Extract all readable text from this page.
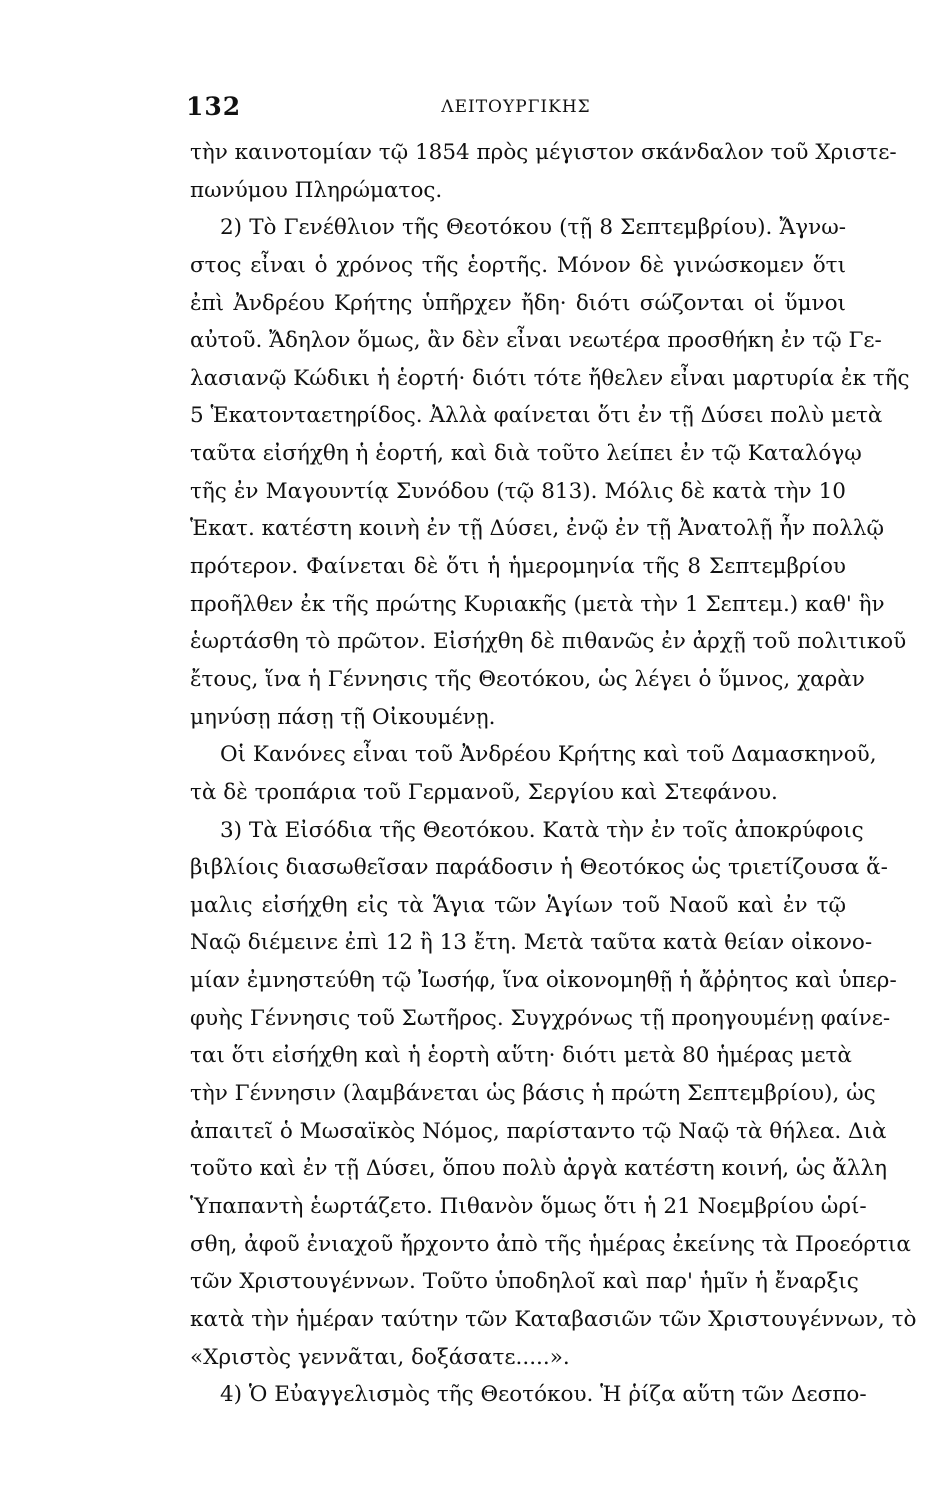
132	ΛΕΙΤΟΥΡΓΙΚΗΣ
τὴν καινοτομίαν τῷ 1854 πρὸς μέγιστον σκάνδαλον τοῦ Χριστε-
πωνύμου Πληρώματος.
2) Τὸ Γενέθλιον τῆς Θεοτόκου (τῇ 8 Σεπτεμβρίου). Ἄγνω-
στος εἶναι ὁ χρόνος τῆς ἑορτῆς. Μόνον δὲ γινώσκομεν ὅτι
ἐπὶ Ἀνδρέου Κρήτης ὑπῆρχεν ἤδη· διότι σώζονται οἱ ὕμνοι
αὐτοῦ. Ἄδηλον ὅμως, ἂν δὲν εἶναι νεωτέρα προσθήκη ἐν τῷ Γε-
λασιανῷ Κώδικι ἡ ἑορτή· διότι τότε ἤθελεν εἶναι μαρτυρία ἐκ τῆς
5 Ἑκατονταετηρίδος. Ἀλλὰ φαίνεται ὅτι ἐν τῇ Δύσει πολὺ μετὰ
ταῦτα εἰσήχθη ἡ ἑορτή, καὶ διὰ τοῦτο λείπει ἐν τῷ Καταλόγῳ
τῆς ἐν Μαγουντίᾳ Συνόδου (τῷ 813). Μόλις δὲ κατὰ τὴν 10
Ἑκατ. κατέστη κοινὴ ἐν τῇ Δύσει, ἐνῷ ἐν τῇ Ἀνατολῇ ἦν πολλῷ
πρότερον. Φαίνεται δὲ ὅτι ἡ ἡμερομηνία τῆς 8 Σεπτεμβρίου
προῆλθεν ἐκ τῆς πρώτης Κυριακῆς (μετὰ τὴν 1 Σεπτεμ.) καθ' ἣν
ἑωρτάσθη τὸ πρῶτον. Εἰσήχθη δὲ πιθανῶς ἐν ἀρχῇ τοῦ πολιτικοῦ
ἔτους, ἵνα ἡ Γέννησις τῆς Θεοτόκου, ὡς λέγει ὁ ὕμνος, χαρὰν
μηνύσῃ πάσῃ τῇ Οἰκουμένῃ.
Οἱ Κανόνες εἶναι τοῦ Ἀνδρέου Κρήτης καὶ τοῦ Δαμασκηνοῦ,
τὰ δὲ τροπάρια τοῦ Γερμανοῦ, Σεργίου καὶ Στεφάνου.
3) Τὰ Εἰσόδια τῆς Θεοτόκου. Κατὰ τὴν ἐν τοῖς ἀποκρύφοις
βιβλίοις διασωθεῖσαν παράδοσιν ἡ Θεοτόκος ὡς τριετίζουσα ἅ-
μαλις εἰσήχθη εἰς τὰ Ἅγια τῶν Ἁγίων τοῦ Ναοῦ καὶ ἐν τῷ
Ναῷ διέμεινε ἐπὶ 12 ἢ 13 ἔτη. Μετὰ ταῦτα κατὰ θείαν οἰκονο-
μίαν ἐμνηστεύθη τῷ Ἰωσήφ, ἵνα οἰκονομηθῇ ἡ ἄῤῥητος καὶ ὑπερ-
φυὴς Γέννησις τοῦ Σωτῆρος. Συγχρόνως τῇ προηγουμένῃ φαίνε-
ται ὅτι εἰσήχθη καὶ ἡ ἑορτὴ αὕτη· διότι μετὰ 80 ἡμέρας μετὰ
τὴν Γέννησιν (λαμβάνεται ὡς βάσις ἡ πρώτη Σεπτεμβρίου), ὡς
ἀπαιτεῖ ὁ Μωσαϊκὸς Νόμος, παρίσταντο τῷ Ναῷ τὰ θήλεα. Διὰ
τοῦτο καὶ ἐν τῇ Δύσει, ὅπου πολὺ ἀργὰ κατέστη κοινή, ὡς ἄλλη
Ὑπαπαντὴ ἑωρτάζετο. Πιθανὸν ὅμως ὅτι ἡ 21 Νοεμβρίου ὡρί-
σθη, ἀφοῦ ἐνιαχοῦ ἤρχοντο ἀπὸ τῆς ἡμέρας ἐκείνης τὰ Προεόρτια
τῶν Χριστουγέννων. Τοῦτο ὑποδηλοῖ καὶ παρ' ἡμῖν ἡ ἔναρξις
κατὰ τὴν ἡμέραν ταύτην τῶν Καταβασιῶν τῶν Χριστουγέννων, τὸ
«Χριστὸς γεννᾶται, δοξάσατε.....».
4) Ὁ Εὐαγγελισμὸς τῆς Θεοτόκου. Ἡ ῥίζα αὕτη τῶν Δεσπο-
